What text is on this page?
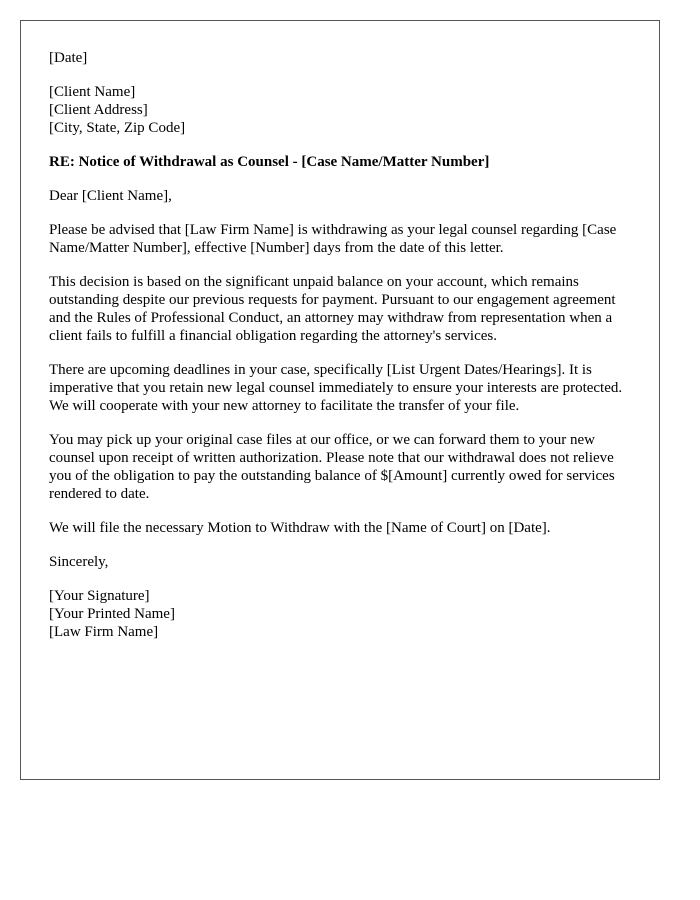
[Date]

[Client Name]
[Client Address]
[City, State, Zip Code]

RE: Notice of Withdrawal as Counsel - [Case Name/Matter Number]

Dear [Client Name],

Please be advised that [Law Firm Name] is withdrawing as your legal counsel regarding [Case Name/Matter Number], effective [Number] days from the date of this letter.

This decision is based on the significant unpaid balance on your account, which remains outstanding despite our previous requests for payment. Pursuant to our engagement agreement and the Rules of Professional Conduct, an attorney may withdraw from representation when a client fails to fulfill a financial obligation regarding the attorney's services.

There are upcoming deadlines in your case, specifically [List Urgent Dates/Hearings]. It is imperative that you retain new legal counsel immediately to ensure your interests are protected. We will cooperate with your new attorney to facilitate the transfer of your file.

You may pick up your original case files at our office, or we can forward them to your new counsel upon receipt of written authorization. Please note that our withdrawal does not relieve you of the obligation to pay the outstanding balance of $[Amount] currently owed for services rendered to date.

We will file the necessary Motion to Withdraw with the [Name of Court] on [Date].

Sincerely,

[Your Signature]
[Your Printed Name]
[Law Firm Name]
